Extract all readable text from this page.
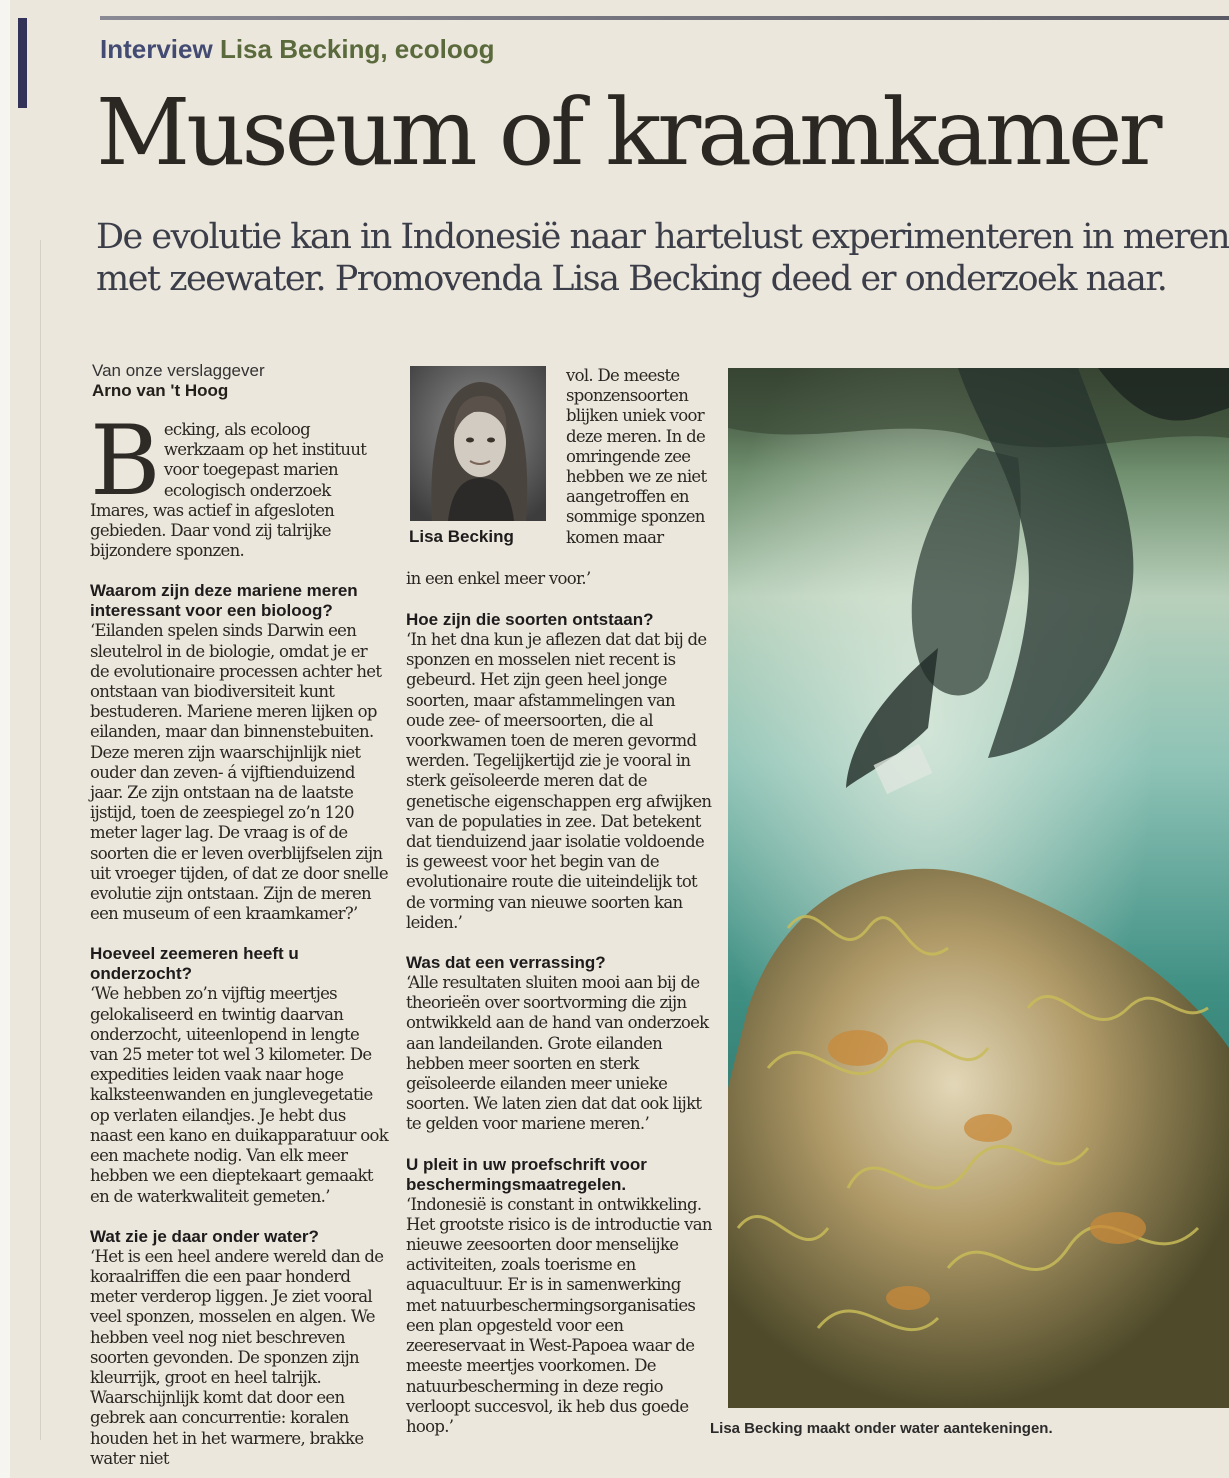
Interview Lisa Becking, ecoloog
Museum of kraamkamer

De evolutie kan in Indonesië naar hartelust experimenteren in meren met zeewater. Promovenda Lisa Becking deed er onderzoek naar.

Van onze verslaggever
Arno van 't Hoog

Becking, als ecoloog werkzaam op het instituut voor toegepast marien ecologisch onderzoek Imares, was actief in afgesloten gebieden. Daar vond zij talrijke bijzondere sponzen.

Waarom zijn deze mariene meren interessant voor een bioloog?

‘Eilanden spelen sinds Darwin een sleutelrol in de biologie, omdat je er de evolutionaire processen achter het ontstaan van biodiversiteit kunt bestuderen. Mariene meren lijken op eilanden, maar dan binnenstebuiten. Deze meren zijn waarschijnlijk niet ouder dan zeven- á vijftienduizend jaar. Ze zijn ontstaan na de laatste ijstijd, toen de zeespiegel zo’n 120 meter lager lag. De vraag is of de soorten die er leven overblijfselen zijn uit vroeger tijden, of dat ze door snelle evolutie zijn ontstaan. Zijn de meren een museum of een kraamkamer?’

Hoeveel zeemeren heeft u onderzocht?

‘We hebben zo’n vijftig meertjes gelokaliseerd en twintig daarvan onderzocht, uiteenlopend in lengte van 25 meter tot wel 3 kilometer. De expedities leiden vaak naar hoge kalksteenwanden en junglevegetatie op verlaten eilandjes. Je hebt dus naast een kano en duikapparatuur ook een machete nodig. Van elk meer hebben we een dieptekaart gemaakt en de waterkwaliteit gemeten.’

Wat zie je daar onder water?

‘Het is een heel andere wereld dan de koraalriffen die een paar honderd meter verderop liggen. Je ziet vooral veel sponzen, mosselen en algen. We hebben veel nog niet beschreven soorten gevonden. De sponzen zijn kleurrijk, groot en heel talrijk. Waarschijnlijk komt dat door een gebrek aan concurrentie: koralen houden het in het warmere, brakke water niet

Lisa Becking

vol. De meeste sponzensoorten blijken uniek voor deze meren. In de omringende zee hebben we ze niet aangetroffen en sommige sponzen komen maar

in een enkel meer voor.’

Hoe zijn die soorten ontstaan?

‘In het dna kun je aflezen dat dat bij de sponzen en mosselen niet recent is gebeurd. Het zijn geen heel jonge soorten, maar afstammelingen van oude zee- of meersoorten, die al voorkwamen toen de meren gevormd werden. Tegelijkertijd zie je vooral in sterk geïsoleerde meren dat de genetische eigenschappen erg afwijken van de populaties in zee. Dat betekent dat tienduizend jaar isolatie voldoende is geweest voor het begin van de evolutionaire route die uiteindelijk tot de vorming van nieuwe soorten kan leiden.’

Was dat een verrassing?

‘Alle resultaten sluiten mooi aan bij de theorieën over soortvorming die zijn ontwikkeld aan de hand van onderzoek aan landeilanden. Grote eilanden hebben meer soorten en sterk geïsoleerde eilanden meer unieke soorten. We laten zien dat dat ook lijkt te gelden voor mariene meren.’

U pleit in uw proefschrift voor beschermingsmaatregelen.

‘Indonesië is constant in ontwikkeling. Het grootste risico is de introductie van nieuwe zeesoorten door menselijke activiteiten, zoals toerisme en aquacultuur. Er is in samenwerking met natuurbeschermingsorganisaties een plan opgesteld voor een zeereservaat in West-Papoea waar de meeste meertjes voorkomen. De natuurbescherming in deze regio verloopt succesvol, ik heb dus goede hoop.’	Lisa Becking maakt onder water aantekeningen.
